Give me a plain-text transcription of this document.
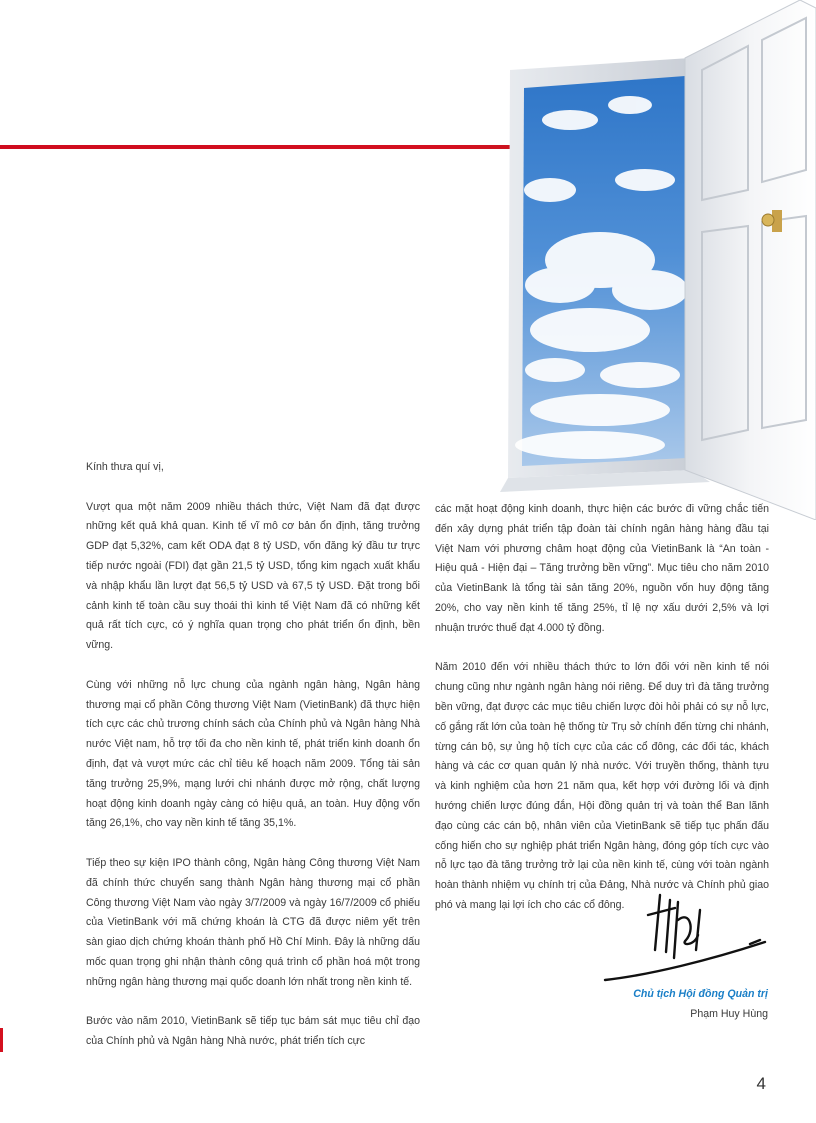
Kính thưa quí vị,

Vượt qua một năm 2009 nhiều thách thức, Việt Nam đã đạt được những kết quả khả quan. Kinh tế vĩ mô cơ bản ổn định, tăng trưởng GDP đạt 5,32%, cam kết ODA đạt 8 tỷ USD, vốn đăng ký đầu tư trực tiếp nước ngoài (FDI) đạt gần 21,5 tỷ USD, tổng kim ngạch xuất khẩu và nhập khẩu lần lượt đạt 56,5 tỷ USD và 67,5 tỷ USD. Đặt trong bối cảnh kinh tế toàn cầu suy thoái thì kinh tế Việt Nam đã có những kết quả rất tích cực, có ý nghĩa quan trọng cho phát triển ổn định, bền vững.

Cùng với những nỗ lực chung của ngành ngân hàng, Ngân hàng thương mại cổ phần Công thương Việt Nam (VietinBank) đã thực hiện tích cực các chủ trương chính sách của Chính phủ và Ngân hàng Nhà nước Việt nam, hỗ trợ tối đa cho nền kinh tế, phát triển kinh doanh ổn định, đạt và vượt mức các chỉ tiêu kế hoạch năm 2009. Tổng tài sản tăng trưởng 25,9%, mạng lưới chi nhánh được mở rộng, chất lượng hoạt động kinh doanh ngày càng có hiệu quả, an toàn. Huy động vốn tăng 26,1%, cho vay nền kinh tế tăng 35,1%.

Tiếp theo sự kiện IPO thành công, Ngân hàng Công thương Việt Nam đã chính thức chuyển sang thành Ngân hàng thương mại cổ phần Công thương Việt Nam vào ngày 3/7/2009 và ngày 16/7/2009 cổ phiếu của VietinBank với mã chứng khoán là CTG đã được niêm yết trên sàn giao dịch chứng khoán thành phố Hồ Chí Minh. Đây là những dấu mốc quan trọng ghi nhận thành công quá trình cổ phần hoá một trong những ngân hàng thương mại quốc doanh lớn nhất trong nền kinh tế.

Bước vào năm 2010, VietinBank sẽ tiếp tục bám sát mục tiêu chỉ đạo của Chính phủ và Ngân hàng Nhà nước, phát triển tích cực

các mặt hoạt động kinh doanh, thực hiện các bước đi vững chắc tiến đến xây dựng phát triển tập đoàn tài chính ngân hàng hàng đầu tại Việt Nam với phương châm hoạt động của VietinBank là “An toàn - Hiệu quả - Hiện đại – Tăng trưởng bền vững”. Mục tiêu cho năm 2010 của VietinBank là tổng tài sản tăng 20%, nguồn vốn huy động tăng 20%, cho vay nền kinh tế tăng 25%, tỉ lệ nợ xấu dưới 2,5% và lợi nhuận trước thuế đạt 4.000 tỷ đồng.

Năm 2010 đến với nhiều thách thức to lớn đối với nền kinh tế nói chung cũng như ngành ngân hàng nói riêng. Để duy trì đà tăng trưởng bền vững, đạt được các mục tiêu chiến lược đòi hỏi phải có sự nỗ lực, cố gắng rất lớn của toàn hệ thống từ Trụ sở chính đến từng chi nhánh, từng cán bộ, sự ủng hộ tích cực của các cổ đông, các đối tác, khách hàng và các cơ quan quản lý nhà nước. Với truyền thống, thành tựu và kinh nghiệm của hơn 21 năm qua, kết hợp với đường lối và định hướng chiến lược đúng đắn, Hội đồng quản trị và toàn thể Ban lãnh đạo cùng các cán bộ, nhân viên của VietinBank sẽ tiếp tục phấn đấu cống hiến cho sự nghiệp phát triển Ngân hàng, đóng góp tích cực vào nỗ lực tạo đà tăng trưởng trở lại của nền kinh tế, cùng với toàn ngành hoàn thành nhiệm vụ chính trị của Đảng, Nhà nước và Chính phủ giao phó và mang lại lợi ích cho các cổ đông.

Chủ tịch Hội đồng Quản trị
Phạm Huy Hùng
4
